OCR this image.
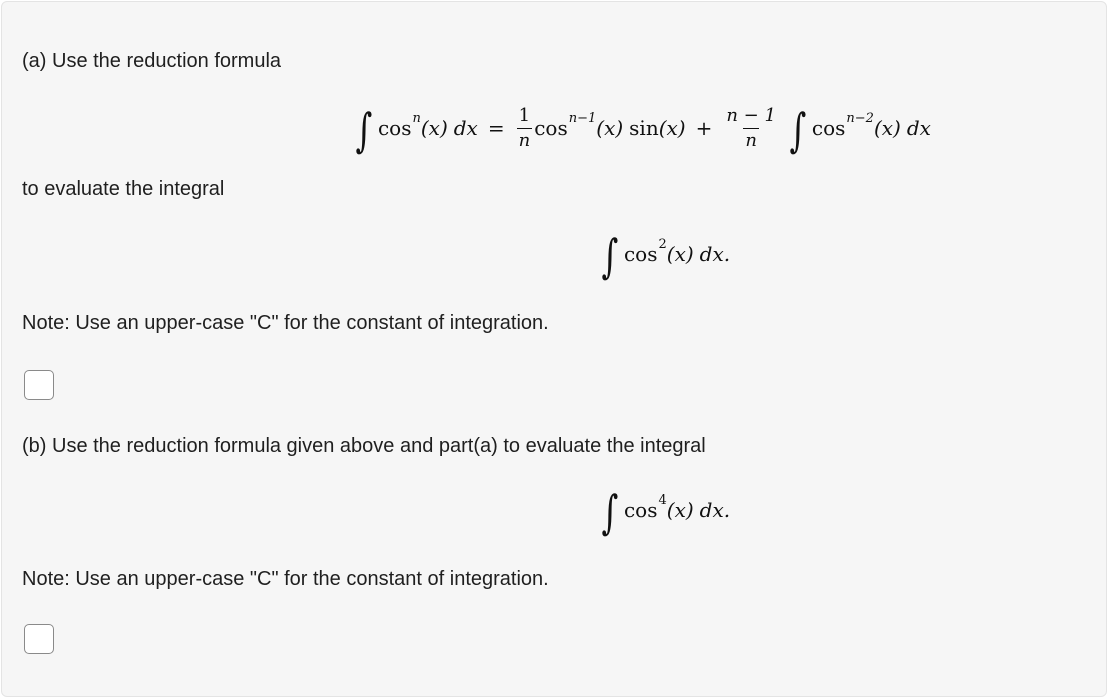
(a) Use the reduction formula
∫ cos n (x) dx = $\frac{1}{n}$ cos n−1 (x) $\sin (x) + \frac{n - 1}{n}$ ∫ cos n−2 (x) dx
to evaluate the integral
∫ cos 2 (x) dx.
Note: Use an upper-case "C" for the constant of integration.
(b) Use the reduction formula given above and part(a) to evaluate the integral
∫ cos 4 (x) dx.
Note: Use an upper-case "C" for the constant of integration.
